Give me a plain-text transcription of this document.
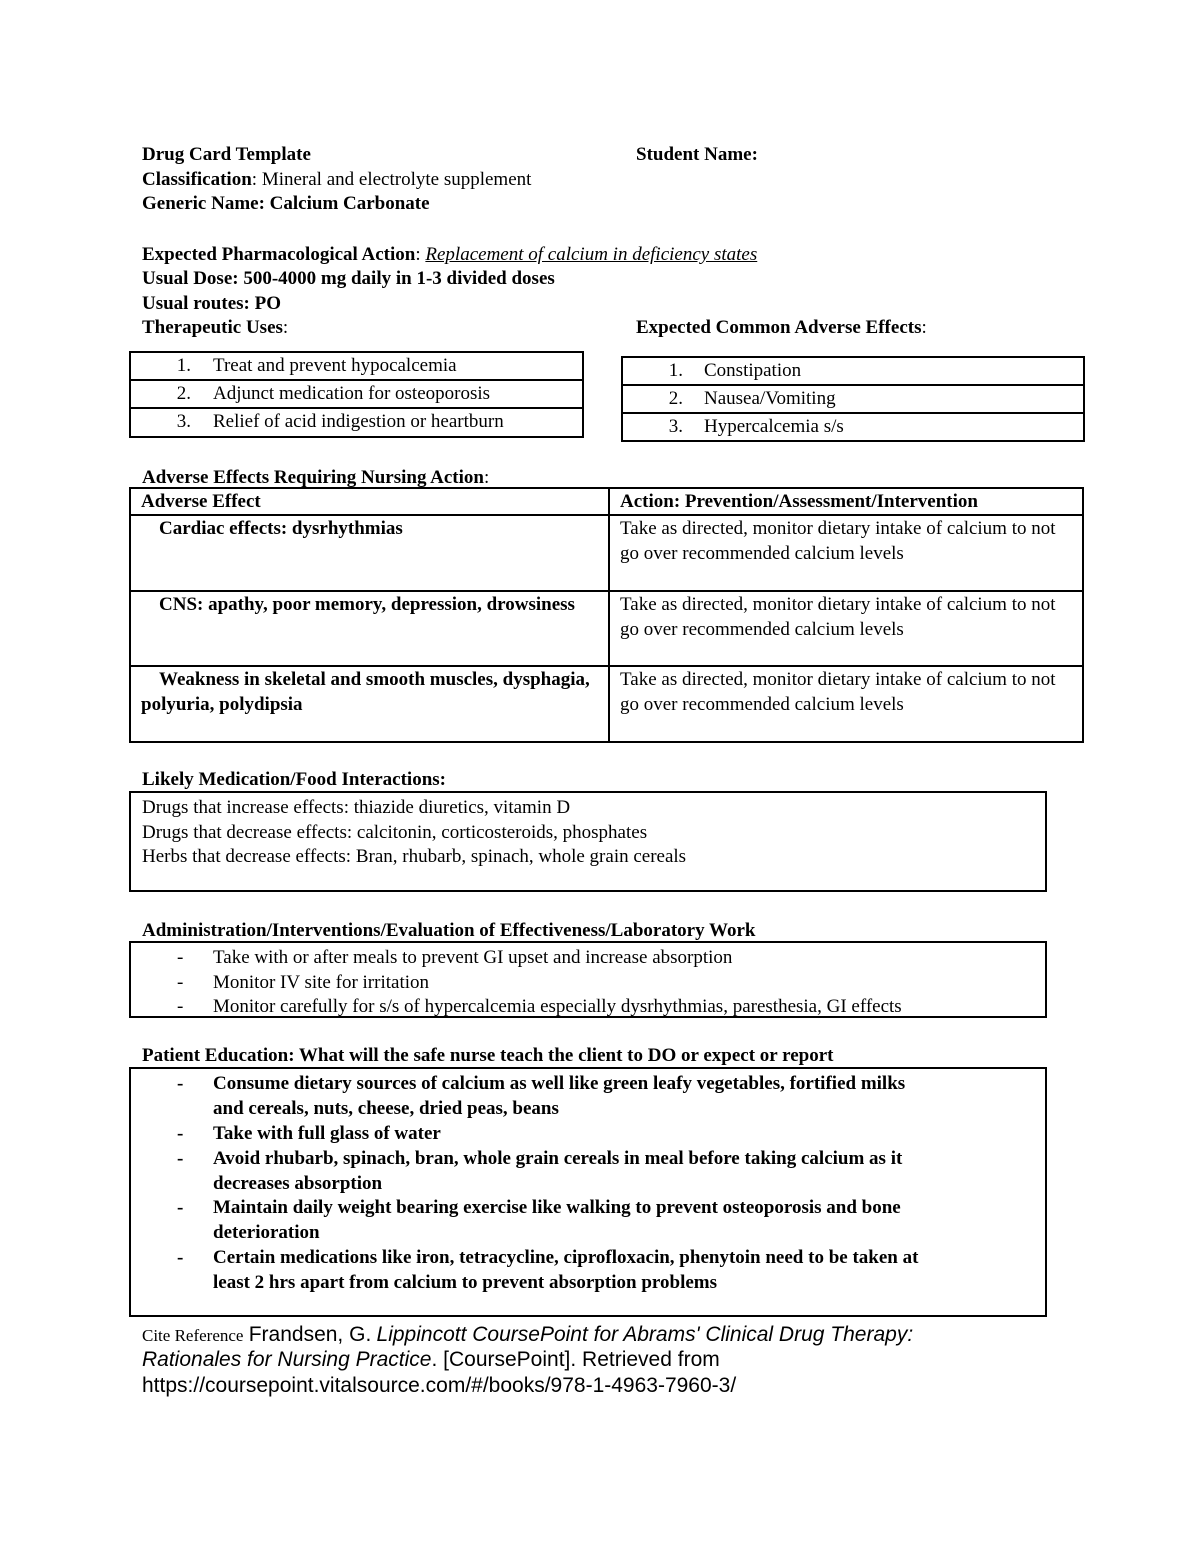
Drug Card Template	Student Name:
Classification: Mineral and electrolyte supplement
Generic Name: Calcium Carbonate
Expected Pharmacological Action: Replacement of calcium in deficiency states
Usual Dose: 500-4000 mg daily in 1-3 divided doses
Usual routes: PO
Therapeutic Uses:	Expected Common Adverse Effects:
1. Treat and prevent hypocalcemia
2. Adjunct medication for osteoporosis
3. Relief of acid indigestion or heartburn
1. Constipation
2. Nausea/Vomiting
3. Hypercalcemia s/s
Adverse Effects Requiring Nursing Action:
Adverse Effect	Action: Prevention/Assessment/Intervention
Cardiac effects: dysrhythmias	Take as directed, monitor dietary intake of calcium to not go over recommended calcium levels

CNS: apathy, poor memory, depression, drowsiness	Take as directed, monitor dietary intake of calcium to not go over recommended calcium levels

Weakness in skeletal and smooth muscles, dysphagia, polyuria, polydipsia	Take as directed, monitor dietary intake of calcium to not go over recommended calcium levels
Likely Medication/Food Interactions:
Drugs that increase effects: thiazide diuretics, vitamin D
Drugs that decrease effects: calcitonin, corticosteroids, phosphates
Herbs that decrease effects: Bran, rhubarb, spinach, whole grain cereals
Administration/Interventions/Evaluation of Effectiveness/Laboratory Work
- Take with or after meals to prevent GI upset and increase absorption
- Monitor IV site for irritation
- Monitor carefully for s/s of hypercalcemia especially dysrhythmias, paresthesia, GI effects
Patient Education: What will the safe nurse teach the client to DO or expect or report
- Consume dietary sources of calcium as well like green leafy vegetables, fortified milks
and cereals, nuts, cheese, dried peas, beans
- Take with full glass of water
- Avoid rhubarb, spinach, bran, whole grain cereals in meal before taking calcium as it
decreases absorption
- Maintain daily weight bearing exercise like walking to prevent osteoporosis and bone
deterioration
- Certain medications like iron, tetracycline, ciprofloxacin, phenytoin need to be taken at
least 2 hrs apart from calcium to prevent absorption problems
Cite Reference Frandsen, G. Lippincott CoursePoint for Abrams' Clinical Drug Therapy:
Rationales for Nursing Practice. [CoursePoint]. Retrieved from
https://coursepoint.vitalsource.com/#/books/978-1-4963-7960-3/
